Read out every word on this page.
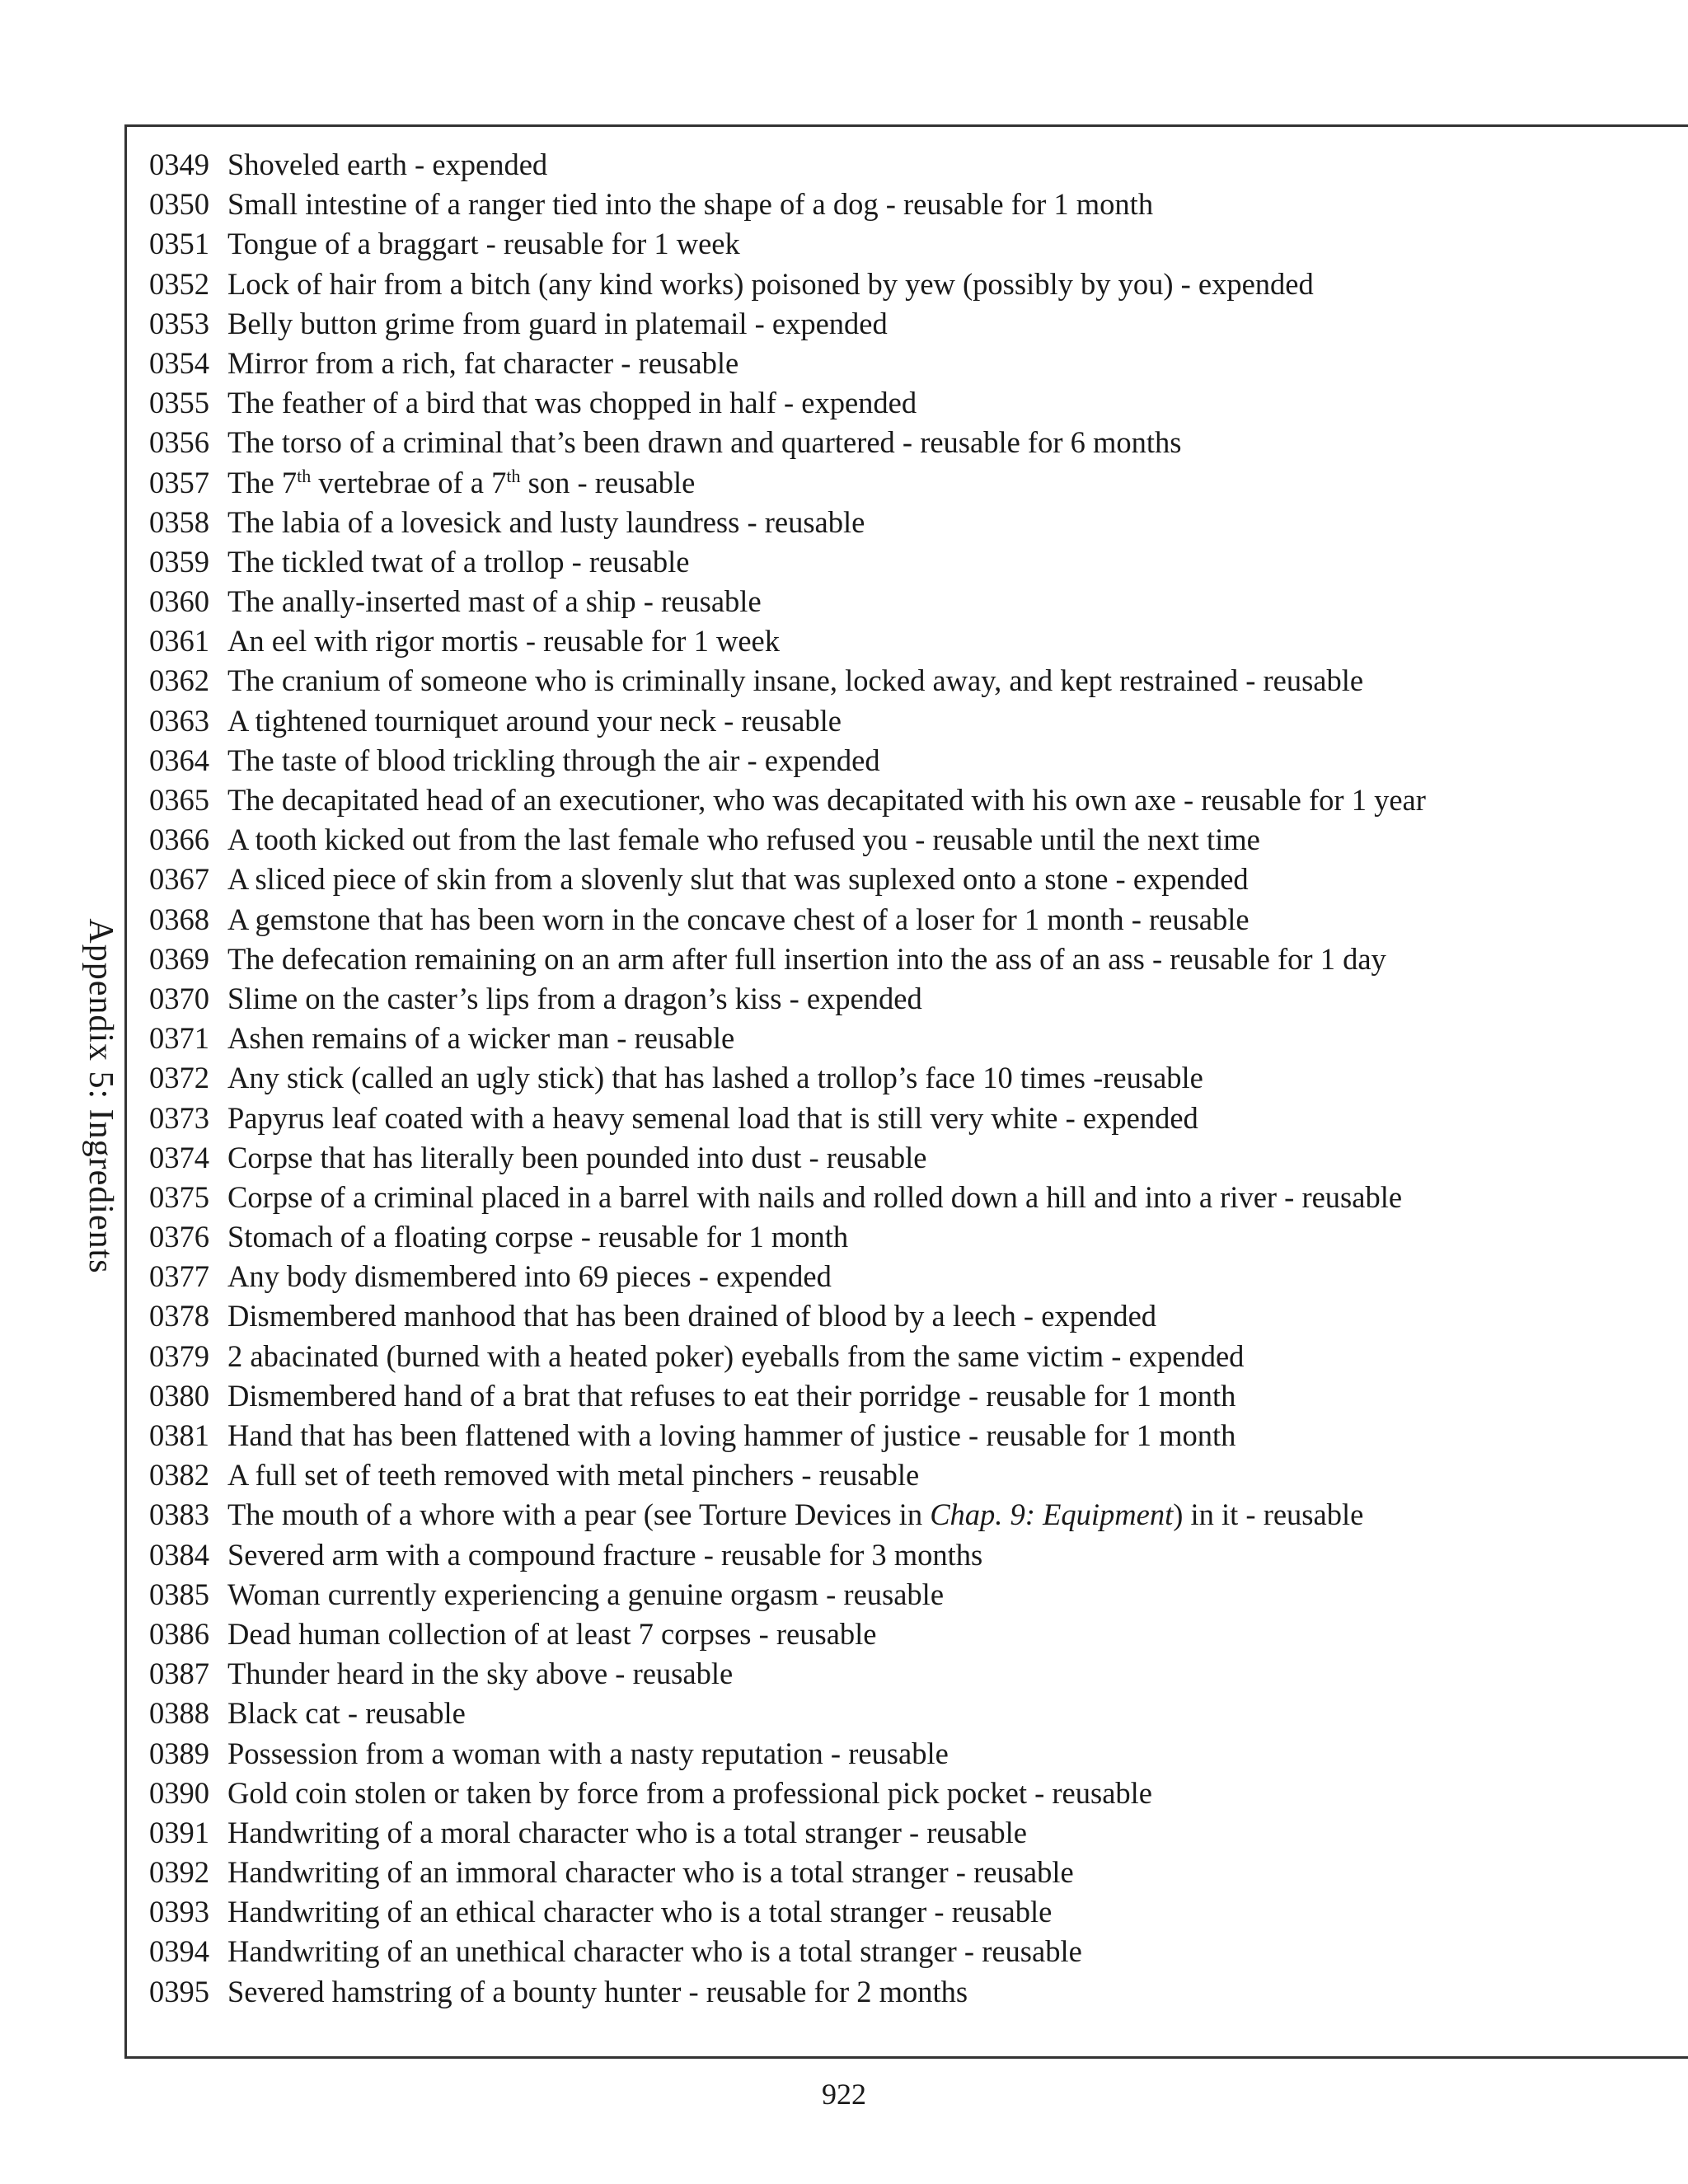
Appendix 5: Ingredients
0349 Shoveled earth - expended
0350 Small intestine of a ranger tied into the shape of a dog - reusable for 1 month
0351 Tongue of a braggart - reusable for 1 week
0352 Lock of hair from a bitch (any kind works) poisoned by yew (possibly by you) - expended
0353 Belly button grime from guard in platemail - expended
0354 Mirror from a rich, fat character - reusable
0355 The feather of a bird that was chopped in half - expended
0356 The torso of a criminal that’s been drawn and quartered - reusable for 6 months
0357 The 7th vertebrae of a 7th son - reusable
0358 The labia of a lovesick and lusty laundress - reusable
0359 The tickled twat of a trollop - reusable
0360 The anally-inserted mast of a ship - reusable
0361 An eel with rigor mortis - reusable for 1 week
0362 The cranium of someone who is criminally insane, locked away, and kept restrained - reusable
0363 A tightened tourniquet around your neck - reusable
0364 The taste of blood trickling through the air - expended
0365 The decapitated head of an executioner, who was decapitated with his own axe - reusable for 1 year
0366 A tooth kicked out from the last female who refused you - reusable until the next time
0367 A sliced piece of skin from a slovenly slut that was suplexed onto a stone - expended
0368 A gemstone that has been worn in the concave chest of a loser for 1 month - reusable
0369 The defecation remaining on an arm after full insertion into the ass of an ass - reusable for 1 day
0370 Slime on the caster’s lips from a dragon’s kiss - expended
0371 Ashen remains of a wicker man - reusable
0372 Any stick (called an ugly stick) that has lashed a trollop’s face 10 times -reusable
0373 Papyrus leaf coated with a heavy semenal load that is still very white - expended
0374 Corpse that has literally been pounded into dust - reusable
0375 Corpse of a criminal placed in a barrel with nails and rolled down a hill and into a river - reusable
0376 Stomach of a floating corpse - reusable for 1 month
0377 Any body dismembered into 69 pieces - expended
0378 Dismembered manhood that has been drained of blood by a leech - expended
0379 2 abacinated (burned with a heated poker) eyeballs from the same victim - expended
0380 Dismembered hand of a brat that refuses to eat their porridge - reusable for 1 month
0381 Hand that has been flattened with a loving hammer of justice - reusable for 1 month
0382 A full set of teeth removed with metal pinchers - reusable
0383 The mouth of a whore with a pear (see Torture Devices in Chap. 9: Equipment) in it - reusable
0384 Severed arm with a compound fracture - reusable for 3 months
0385 Woman currently experiencing a genuine orgasm - reusable
0386 Dead human collection of at least 7 corpses - reusable
0387 Thunder heard in the sky above - reusable
0388 Black cat - reusable
0389 Possession from a woman with a nasty reputation - reusable
0390 Gold coin stolen or taken by force from a professional pick pocket - reusable
0391 Handwriting of a moral character who is a total stranger - reusable
0392 Handwriting of an immoral character who is a total stranger - reusable
0393 Handwriting of an ethical character who is a total stranger - reusable
0394 Handwriting of an unethical character who is a total stranger - reusable
0395 Severed hamstring of a bounty hunter - reusable for 2 months
922
